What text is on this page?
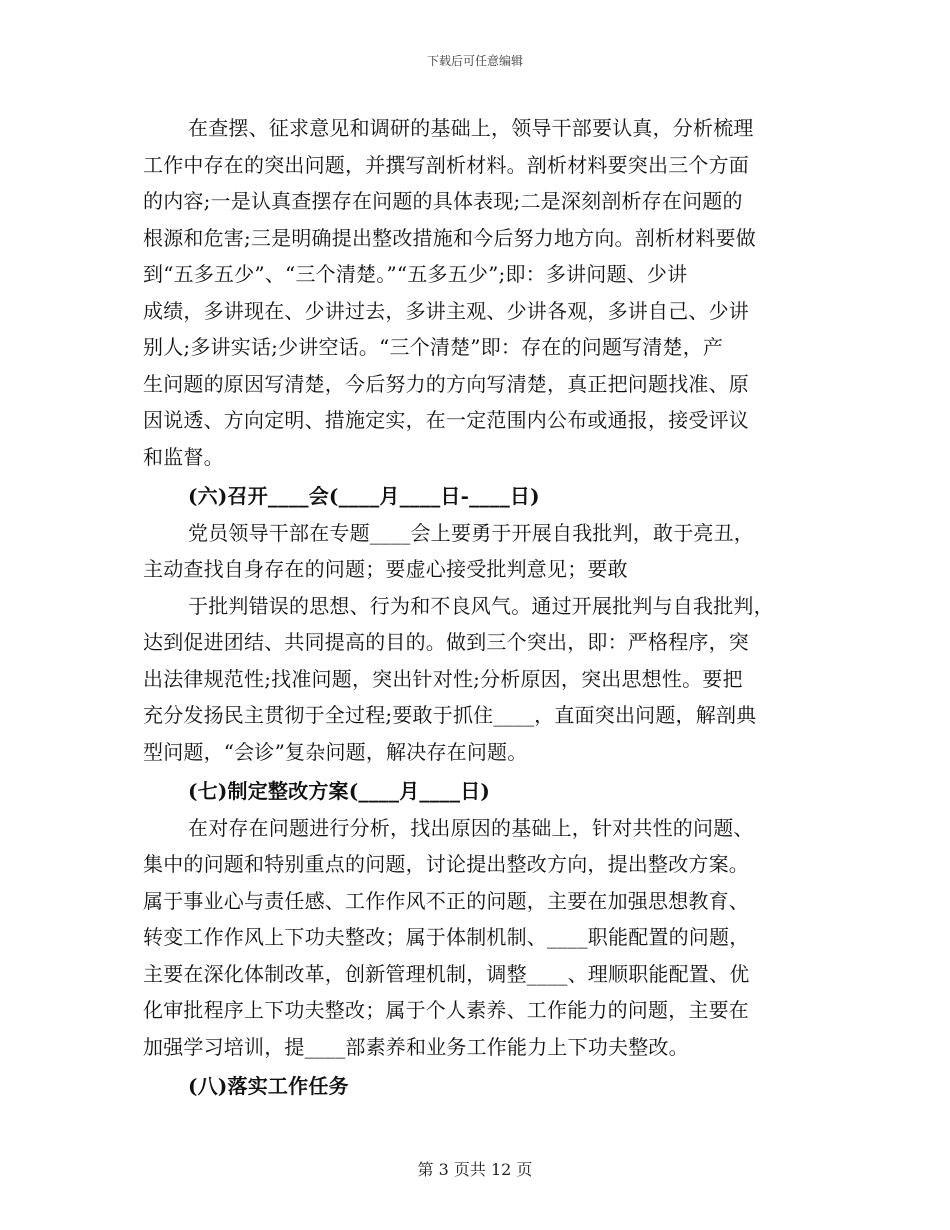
下载后可任意编辑
在查摆、征求意见和调研的基础上，领导干部要认真，分析梳理
工作中存在的突出问题，并撰写剖析材料。剖析材料要突出三个方面
的内容;一是认真查摆存在问题的具体表现;二是深刻剖析存在问题的
根源和危害;三是明确提出整改措施和今后努力地方向。剖析材料要做
到“五多五少”、“三个清楚。”“五多五少”;即：多讲问题、少讲
成绩，多讲现在、少讲过去，多讲主观、少讲各观，多讲自己、少讲
别人;多讲实话;少讲空话。“三个清楚”即：存在的问题写清楚，产
生问题的原因写清楚，今后努力的方向写清楚，真正把问题找准、原
因说透、方向定明、措施定实，在一定范围内公布或通报，接受评议
和监督。
(六)召开____会(____月____日-____日)
党员领导干部在专题____会上要勇于开展自我批判，敢于亮丑，
主动查找自身存在的问题；要虚心接受批判意见；要敢
于批判错误的思想、行为和不良风气。通过开展批判与自我批判，
达到促进团结、共同提高的目的。做到三个突出，即：严格程序，突
出法律规范性;找准问题，突出针对性;分析原因，突出思想性。要把
充分发扬民主贯彻于全过程;要敢于抓住____，直面突出问题，解剖典
型问题，“会诊”复杂问题，解决存在问题。
(七)制定整改方案(____月____日)
在对存在问题进行分析，找出原因的基础上，针对共性的问题、
集中的问题和特别重点的问题，讨论提出整改方向，提出整改方案。
属于事业心与责任感、工作作风不正的问题，主要在加强思想教育、
转变工作作风上下功夫整改；属于体制机制、____职能配置的问题，
主要在深化体制改革，创新管理机制，调整____、理顺职能配置、优
化审批程序上下功夫整改；属于个人素养、工作能力的问题，主要在
加强学习培训，提____部素养和业务工作能力上下功夫整改。
(八)落实工作任务
第 3 页共 12 页
